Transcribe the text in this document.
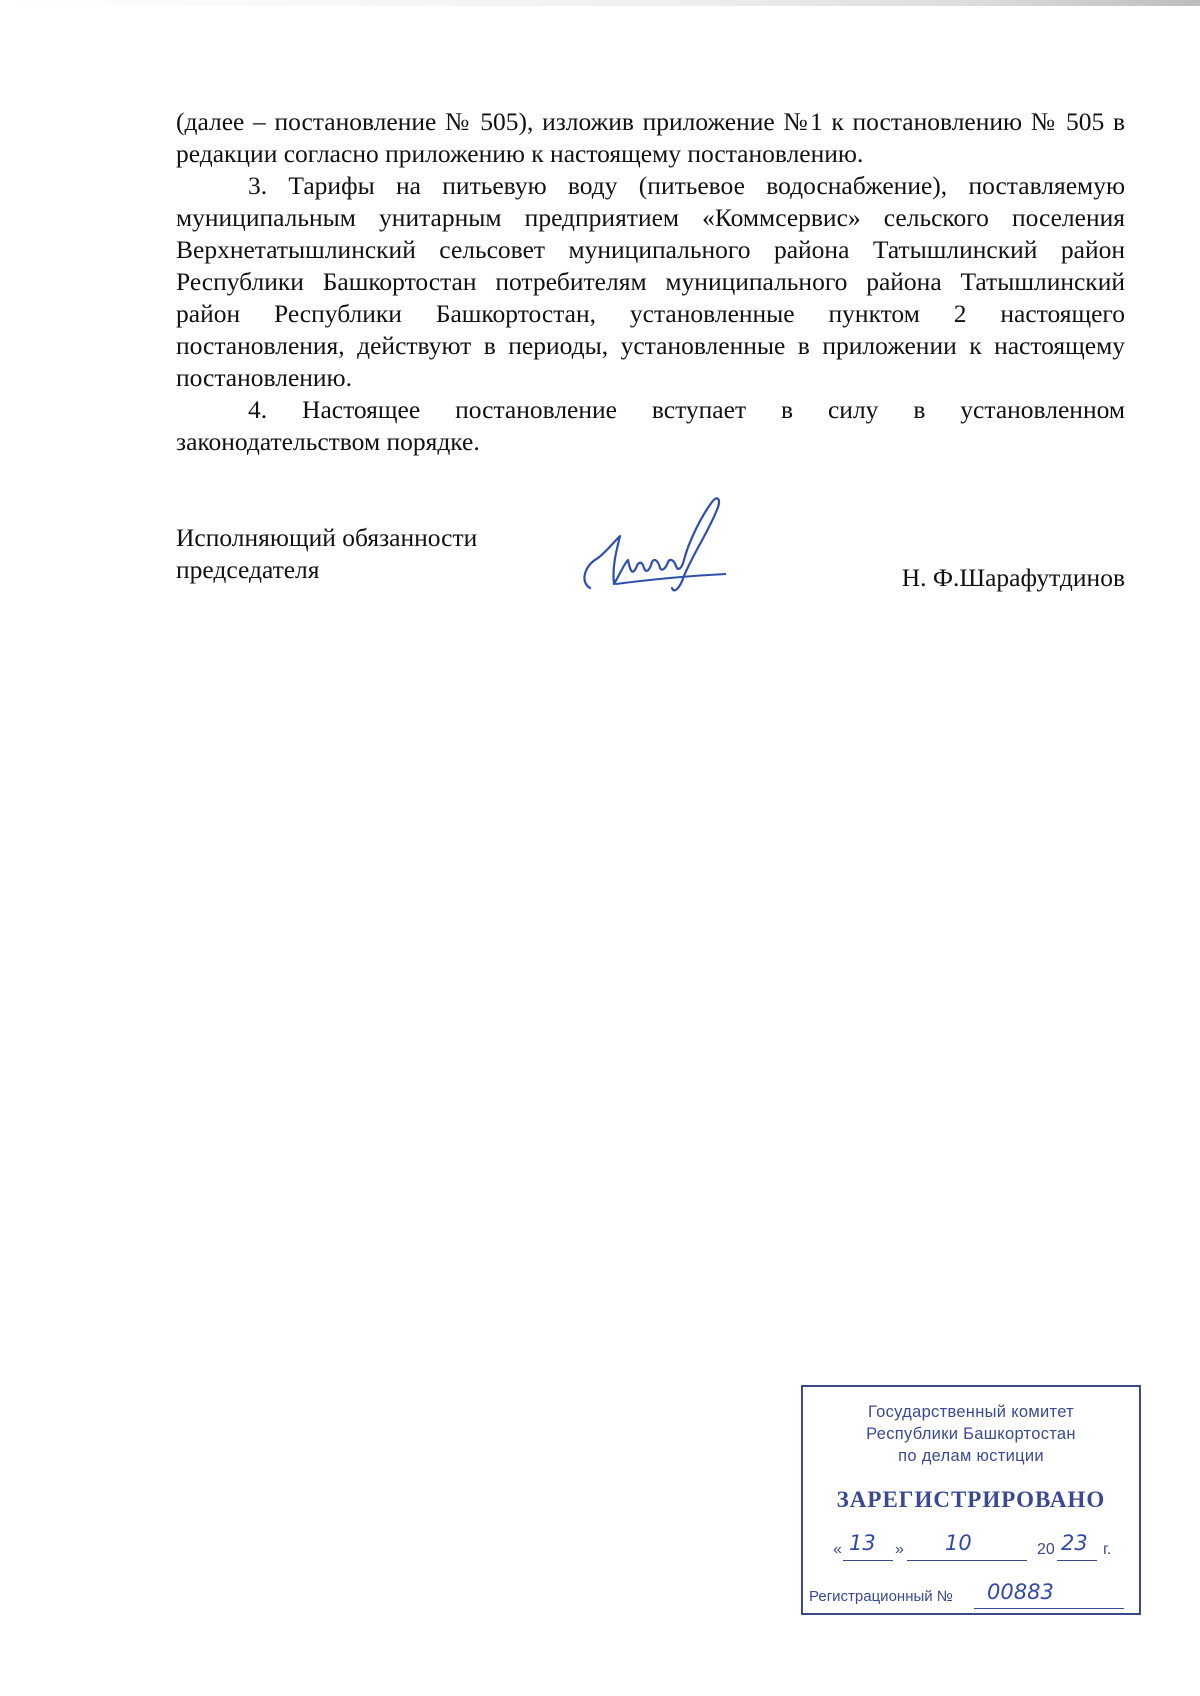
(далее – постановление № 505), изложив приложение №1 к постановлению № 505 в редакции согласно приложению к настоящему постановлению.

3. Тарифы на питьевую воду (питьевое водоснабжение), поставляемую муниципальным унитарным предприятием «Коммсервис» сельского поселения Верхнетатышлинский сельсовет муниципального района Татышлинский район Республики Башкортостан потребителям муниципального района Татышлинский район Республики Башкортостан, установленные пунктом 2 настоящего постановления, действуют в периоды, установленные в приложении к настоящему постановлению.

4. Настоящее постановление вступает в силу в установленном законодательством порядке.

Исполняющий обязанности
председателя	Н. Ф.Шарафутдинов
Государственный комитет
Республики Башкортостан
по делам юстиции
ЗАРЕГИСТРИРОВАНО
« 13 » 10	20 23 г.
Регистрационный № 00883
